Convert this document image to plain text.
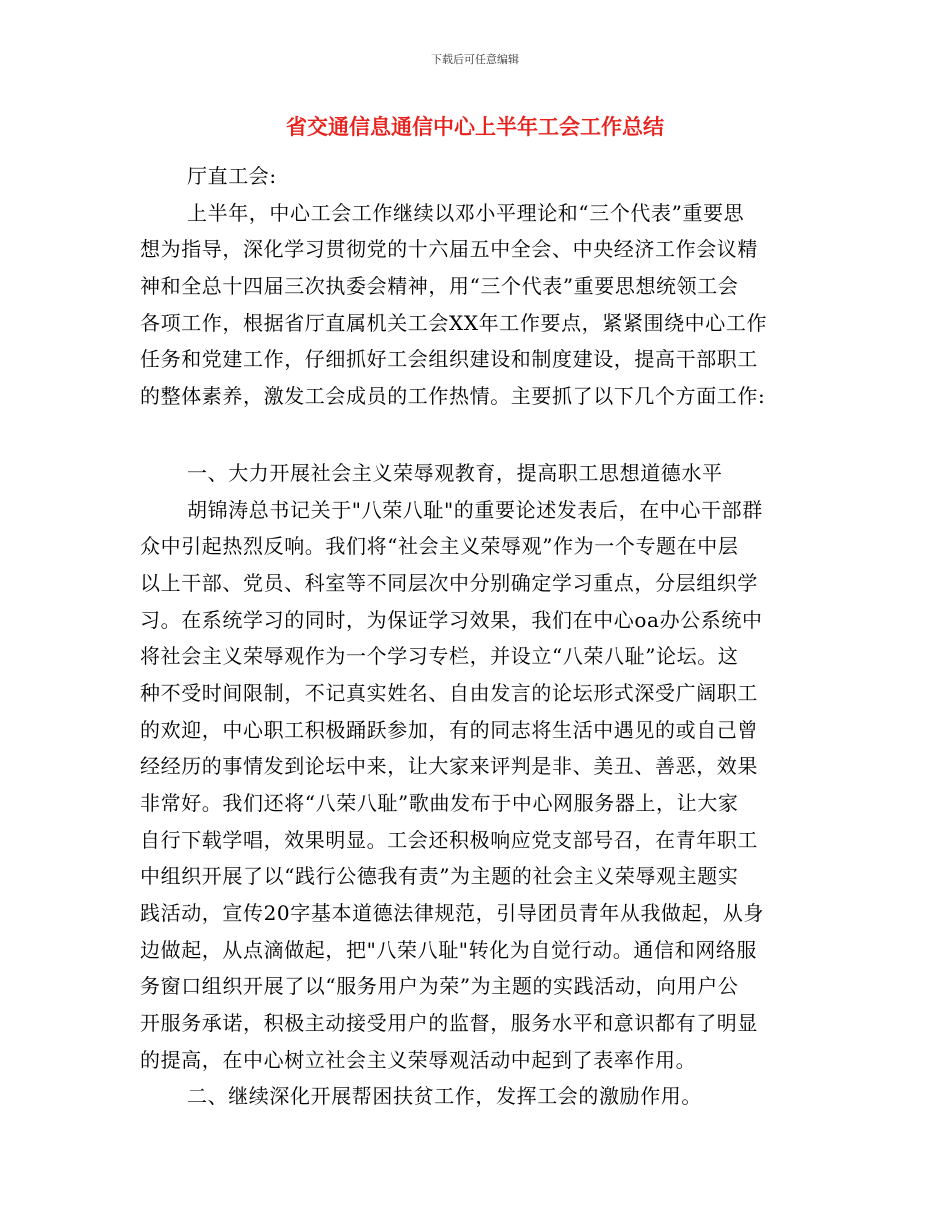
下载后可任意编辑
省交通信息通信中心上半年工会工作总结
厅直工会:
上半年，中心工会工作继续以邓小平理论和“三个代表”重要思
想为指导，深化学习贯彻党的十六届五中全会、中央经济工作会议精
神和全总十四届三次执委会精神，用“三个代表”重要思想统领工会
各项工作，根据省厅直属机关工会XX年工作要点，紧紧围绕中心工作
任务和党建工作，仔细抓好工会组织建设和制度建设，提高干部职工
的整体素养，激发工会成员的工作热情。主要抓了以下几个方面工作:
一、大力开展社会主义荣辱观教育，提高职工思想道德水平
胡锦涛总书记关于"八荣八耻"的重要论述发表后，在中心干部群
众中引起热烈反响。我们将“社会主义荣辱观”作为一个专题在中层
以上干部、党员、科室等不同层次中分别确定学习重点，分层组织学
习。在系统学习的同时，为保证学习效果，我们在中心oa办公系统中
将社会主义荣辱观作为一个学习专栏，并设立“八荣八耻”论坛。这
种不受时间限制，不记真实姓名、自由发言的论坛形式深受广阔职工
的欢迎，中心职工积极踊跃参加，有的同志将生活中遇见的或自己曾
经经历的事情发到论坛中来，让大家来评判是非、美丑、善恶，效果
非常好。我们还将“八荣八耻”歌曲发布于中心网服务器上，让大家
自行下载学唱，效果明显。工会还积极响应党支部号召，在青年职工
中组织开展了以“践行公德我有责”为主题的社会主义荣辱观主题实
践活动，宣传20字基本道德法律规范，引导团员青年从我做起，从身
边做起，从点滴做起，把"八荣八耻"转化为自觉行动。通信和网络服
务窗口组织开展了以“服务用户为荣”为主题的实践活动，向用户公
开服务承诺，积极主动接受用户的监督，服务水平和意识都有了明显
的提高，在中心树立社会主义荣辱观活动中起到了表率作用。
二、继续深化开展帮困扶贫工作，发挥工会的激励作用。
